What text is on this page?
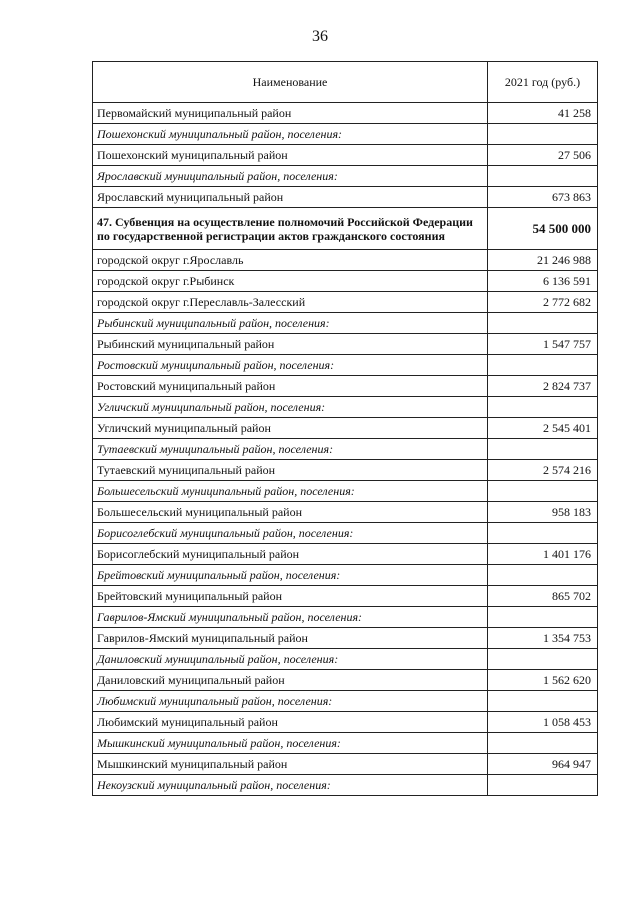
36
Наименование	2021 год (руб.)
Первомайский муниципальный район	41 258
Пошехонский муниципальный район, поселения:	
Пошехонский муниципальный район	27 506
Ярославский муниципальный район, поселения:	
Ярославский муниципальный район	673 863
47. Субвенция на осуществление полномочий Российской Федерации по государственной регистрации актов гражданского состояния	54 500 000
городской округ г.Ярославль	21 246 988
городской округ г.Рыбинск	6 136 591
городской округ г.Переславль-Залесский	2 772 682
Рыбинский муниципальный район, поселения:	
Рыбинский муниципальный район	1 547 757
Ростовский муниципальный район, поселения:	
Ростовский муниципальный район	2 824 737
Угличский муниципальный район, поселения:	
Угличский муниципальный район	2 545 401
Тутаевский муниципальный район, поселения:	
Тутаевский муниципальный район	2 574 216
Большесельский муниципальный район, поселения:	
Большесельский муниципальный район	958 183
Борисоглебский муниципальный район, поселения:	
Борисоглебский муниципальный район	1 401 176
Брейтовский муниципальный район, поселения:	
Брейтовский муниципальный район	865 702
Гаврилов-Ямский муниципальный район, поселения:	
Гаврилов-Ямский муниципальный район	1 354 753
Даниловский муниципальный район, поселения:	
Даниловский муниципальный район	1 562 620
Любимский муниципальный район, поселения:	
Любимский муниципальный район	1 058 453
Мышкинский муниципальный район, поселения:	
Мышкинский муниципальный район	964 947
Некоузский муниципальный район, поселения:	
